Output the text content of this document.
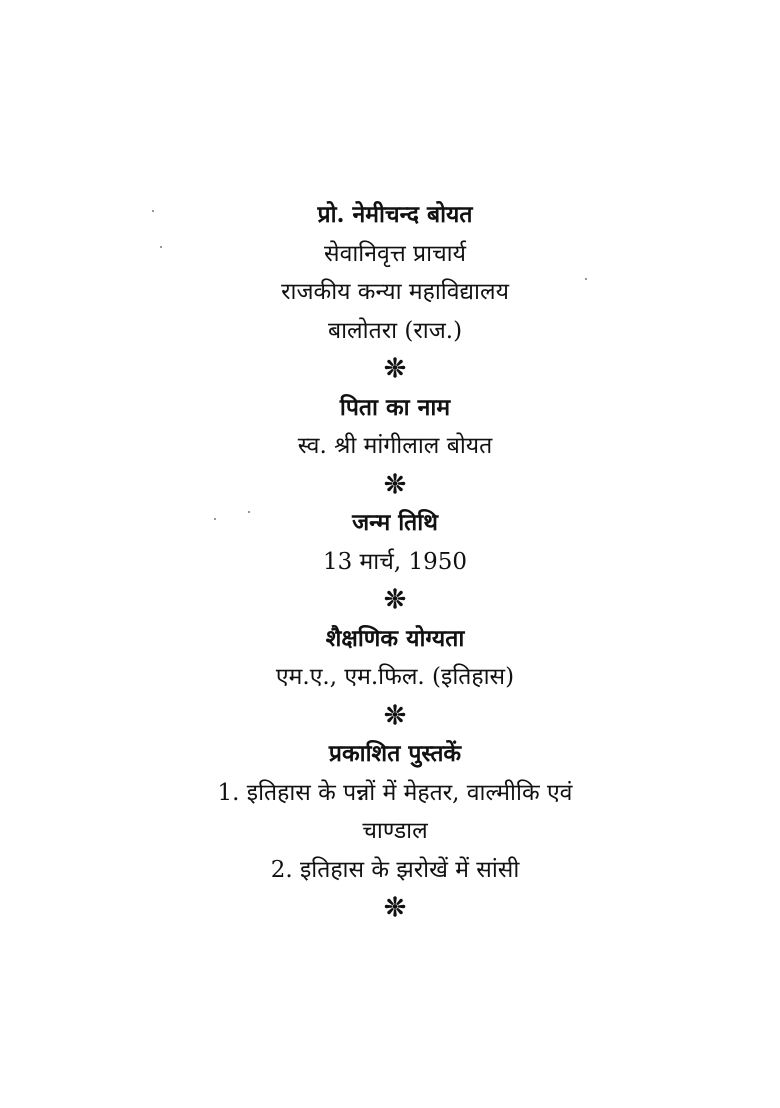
प्रो. नेमीचन्द बोयत
सेवानिवृत्त प्राचार्य
राजकीय कन्या महाविद्यालय
बालोतरा (राज.)
❊
पिता का नाम
स्व. श्री मांगीलाल बोयत
❊
जन्म तिथि
13 मार्च, 1950
❊
शैक्षणिक योग्यता
एम.ए., एम.फिल. (इतिहास)
❊
प्रकाशित पुस्तकें
1. इतिहास के पन्नों में मेहतर, वाल्मीकि एवं
चाण्डाल
2. इतिहास के झरोखें में सांसी
❊
